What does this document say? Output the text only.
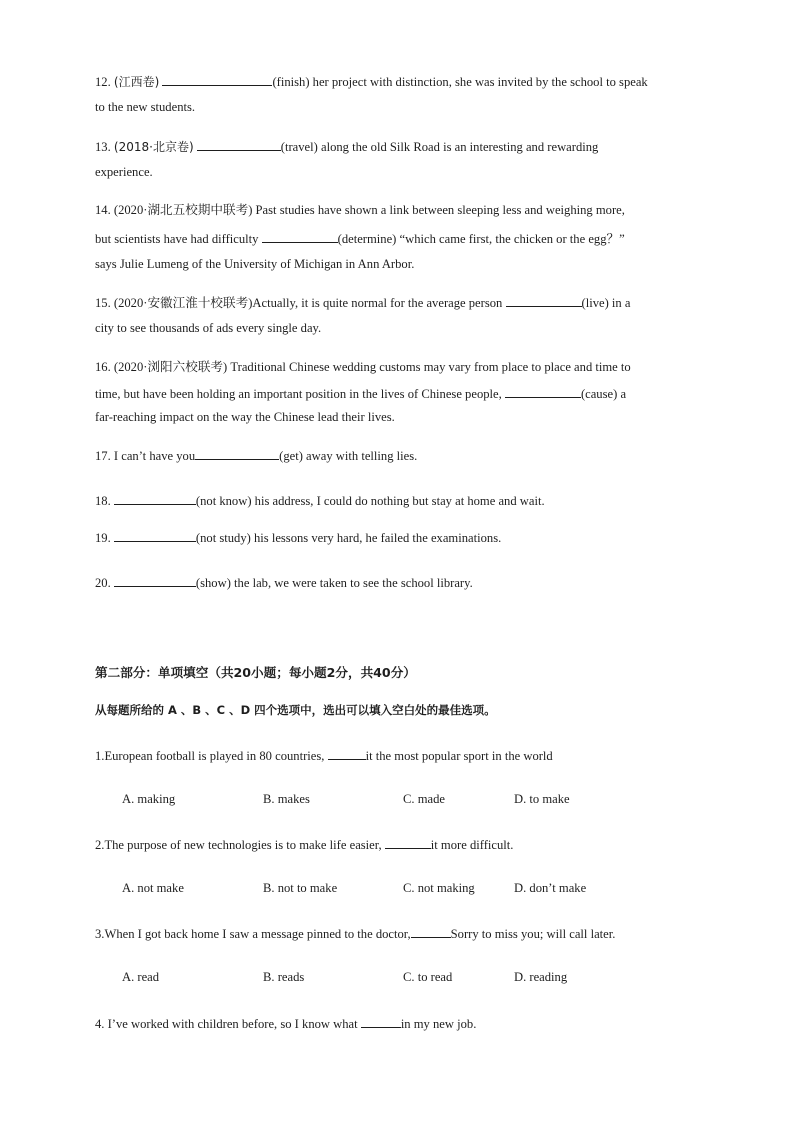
12. (江西卷)	(finish) her project with distinction, she was invited by the school to speak
to the new students.
13. (2018·北京卷)	(travel) along the old Silk Road is an interesting and rewarding
experience.
14. (2020·湖北五校期中联考) Past studies have shown a link between sleeping less and weighing more,
but scientists have had difficulty	(determine) “which came first, the chicken or the egg？”
says Julie Lumeng of the University of Michigan in Ann Arbor.
15. (2020·安徽江淮十校联考)Actually, it is quite normal for the average person	(live) in a
city to see thousands of ads every single day.
16. (2020·浏阳六校联考) Traditional Chinese wedding customs may vary from place to place and time to
time, but have been holding an important position in the lives of Chinese people,	(cause) a
far-reaching impact on the way the Chinese lead their lives.
17. I can’t have you	(get) away with telling lies.
18.	(not know) his address, I could do nothing but stay at home and wait.
19.	(not study) his lessons very hard, he failed the examinations.
20.	(show) the lab, we were taken to see the school library.
第二部分：单项填空（共20小题；每小题2分，共40分）
从每题所给的 A 、B 、C 、D 四个选项中，选出可以填入空白处的最佳选项。
1.European football is played in 80 countries,	it the most popular sport in the world
A. making	B. makes	C. made	D. to make
2.The purpose of new technologies is to make life easier,	it more difficult.
A. not make	B. not to make	C. not making	D. don’t make
3.When I got back home I saw a message pinned to the doctor,	Sorry to miss you; will call later.
A. read	B. reads	C. to read	D. reading
4. I’ve worked with children before, so I know what	in my new job.
